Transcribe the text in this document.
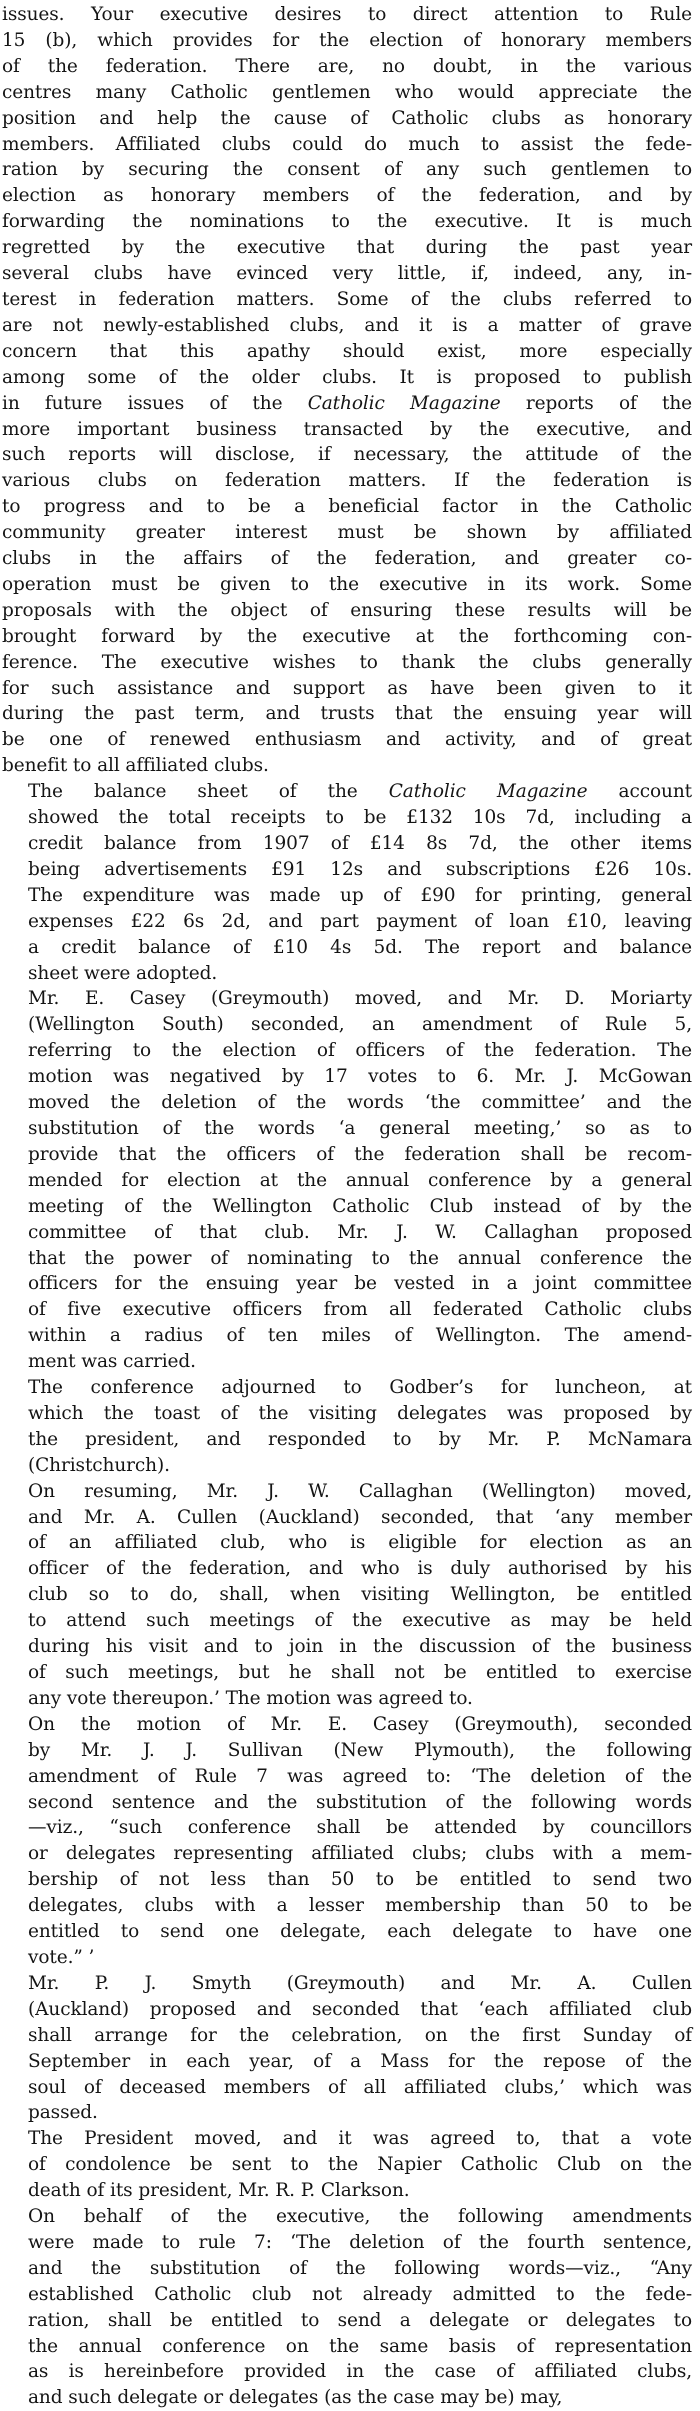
issues. Your executive desires to direct attention to Rule
15 (b), which provides for the election of honorary members
of the federation. There are, no doubt, in the various
centres many Catholic gentlemen who would appreciate the
position and help the cause of Catholic clubs as honorary
members. Affiliated clubs could do much to assist the fede-
ration by securing the consent of any such gentlemen to
election as honorary members of the federation, and by
forwarding the nominations to the executive. It is much
regretted by the executive that during the past year
several clubs have evinced very little, if, indeed, any, in-
terest in federation matters. Some of the clubs referred to
are not newly-established clubs, and it is a matter of grave
concern that this apathy should exist, more especially
among some of the older clubs. It is proposed to publish
in future issues of the Catholic Magazine reports of the
more important business transacted by the executive, and
such reports will disclose, if necessary, the attitude of the
various clubs on federation matters. If the federation is
to progress and to be a beneficial factor in the Catholic
community greater interest must be shown by affiliated
clubs in the affairs of the federation, and greater co-
operation must be given to the executive in its work. Some
proposals with the object of ensuring these results will be
brought forward by the executive at the forthcoming con-
ference. The executive wishes to thank the clubs generally
for such assistance and support as have been given to it
during the past term, and trusts that the ensuing year will
be one of renewed enthusiasm and activity, and of great
benefit to all affiliated clubs.

The balance sheet of the Catholic Magazine account
showed the total receipts to be £132 10s 7d, including a
credit balance from 1907 of £14 8s 7d, the other items
being advertisements £91 12s and subscriptions £26 10s.
The expenditure was made up of £90 for printing, general
expenses £22 6s 2d, and part payment of loan £10, leaving
a credit balance of £10 4s 5d. The report and balance
sheet were adopted.

Mr. E. Casey (Greymouth) moved, and Mr. D. Moriarty
(Wellington South) seconded, an amendment of Rule 5,
referring to the election of officers of the federation. The
motion was negatived by 17 votes to 6. Mr. J. McGowan
moved the deletion of the words ‘the committee’ and the
substitution of the words ‘a general meeting,’ so as to
provide that the officers of the federation shall be recom-
mended for election at the annual conference by a general
meeting of the Wellington Catholic Club instead of by the
committee of that club. Mr. J. W. Callaghan proposed
that the power of nominating to the annual conference the
officers for the ensuing year be vested in a joint committee
of five executive officers from all federated Catholic clubs
within a radius of ten miles of Wellington. The amend-
ment was carried.

The conference adjourned to Godber’s for luncheon, at
which the toast of the visiting delegates was proposed by
the president, and responded to by Mr. P. McNamara
(Christchurch).

On resuming, Mr. J. W. Callaghan (Wellington) moved,
and Mr. A. Cullen (Auckland) seconded, that ‘any member
of an affiliated club, who is eligible for election as an
officer of the federation, and who is duly authorised by his
club so to do, shall, when visiting Wellington, be entitled
to attend such meetings of the executive as may be held
during his visit and to join in the discussion of the business
of such meetings, but he shall not be entitled to exercise
any vote thereupon.’ The motion was agreed to.

On the motion of Mr. E. Casey (Greymouth), seconded
by Mr. J. J. Sullivan (New Plymouth), the following
amendment of Rule 7 was agreed to: ‘The deletion of the
second sentence and the substitution of the following words
—viz., “such conference shall be attended by councillors
or delegates representing affiliated clubs; clubs with a mem-
bership of not less than 50 to be entitled to send two
delegates, clubs with a lesser membership than 50 to be
entitled to send one delegate, each delegate to have one
vote.” ’

Mr. P. J. Smyth (Greymouth) and Mr. A. Cullen
(Auckland) proposed and seconded that ‘each affiliated club
shall arrange for the celebration, on the first Sunday of
September in each year, of a Mass for the repose of the
soul of deceased members of all affiliated clubs,’ which was
passed.

The President moved, and it was agreed to, that a vote
of condolence be sent to the Napier Catholic Club on the
death of its president, Mr. R. P. Clarkson.

On behalf of the executive, the following amendments
were made to rule 7: ‘The deletion of the fourth sentence,
and the substitution of the following words—viz., “Any
established Catholic club not already admitted to the fede-
ration, shall be entitled to send a delegate or delegates to
the annual conference on the same basis of representation
as is hereinbefore provided in the case of affiliated clubs,
and such delegate or delegates (as the case may be) may,
